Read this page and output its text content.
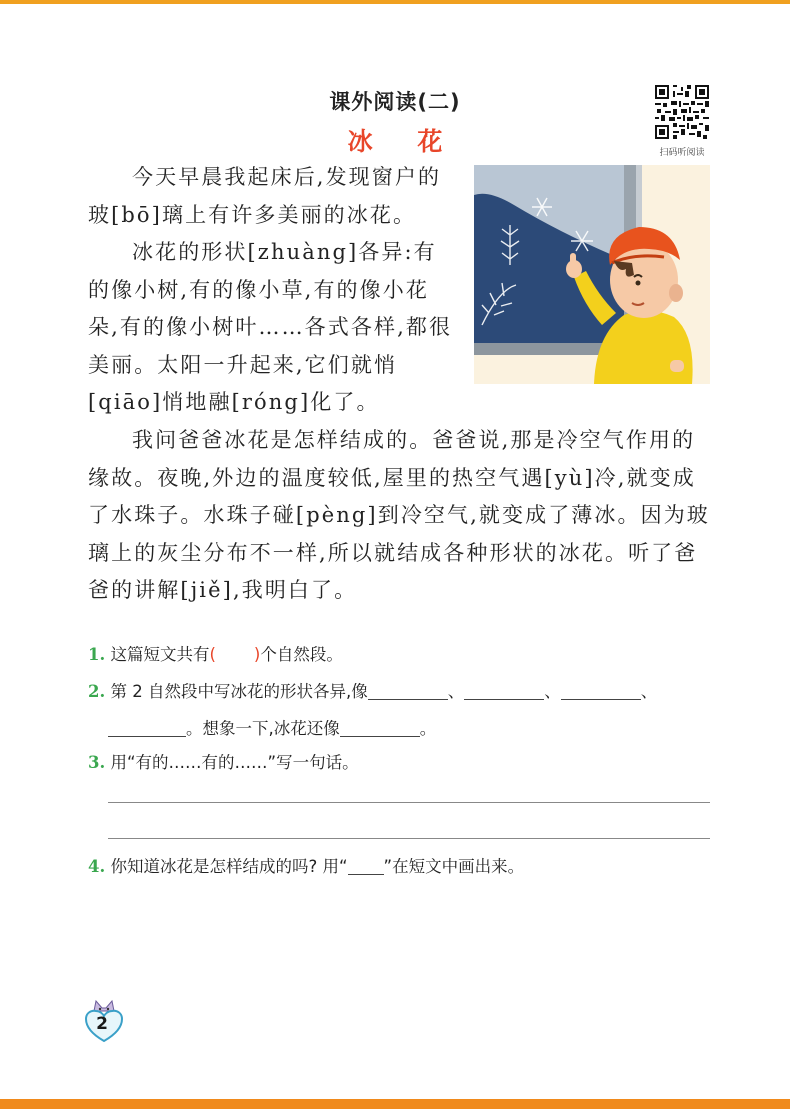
课外阅读(二)
冰 花	扫码听阅读
今天早晨我起床后,发现窗户的玻[bō]璃上有许多美丽的冰花。
冰花的形状[zhuàng]各异:有的像小树,有的像小草,有的像小花朵,有的像小树叶……各式各样,都很美丽。太阳一升起来,它们就悄[qiāo]悄地融[róng]化了。
我问爸爸冰花是怎样结成的。爸爸说,那是冷空气作用的缘故。夜晚,外边的温度较低,屋里的热空气遇[yù]冷,就变成了水珠子。水珠子碰[pèng]到冷空气,就变成了薄冰。因为玻璃上的灰尘分布不一样,所以就结成各种形状的冰花。听了爸爸的讲解[jiě],我明白了。
1. 这篇短文共有( )个自然段。
2. 第 2 自然段中写冰花的形状各异,像	、	、	、
。想象一下,冰花还像	。
3. 用“有的……有的……”写一句话。
4. 你知道冰花是怎样结成的吗? 用“ ”在短文中画出来。
2
